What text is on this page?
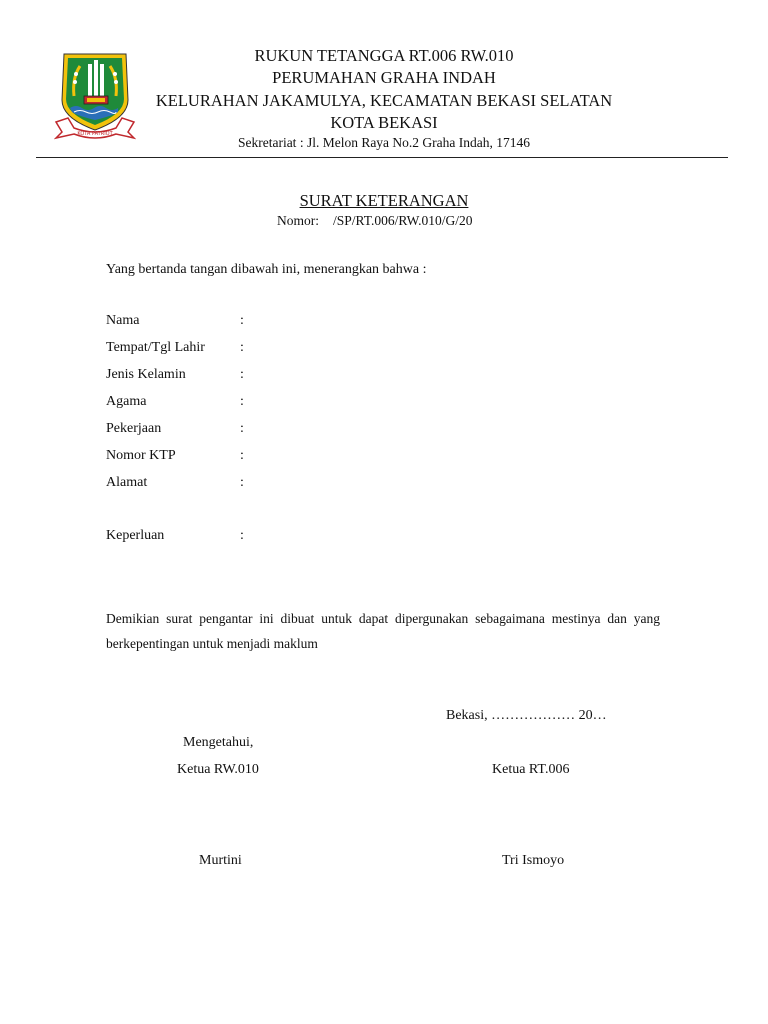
KOTA PATRIOT
RUKUN TETANGGA RT.006 RW.010
PERUMAHAN GRAHA INDAH
KELURAHAN JAKAMULYA, KECAMATAN BEKASI SELATAN
KOTA BEKASI
Sekretariat : Jl. Melon Raya No.2 Graha Indah, 17146
SURAT KETERANGAN
Nomor: /SP/RT.006/RW.010/G/20
Yang bertanda tangan dibawah ini, menerangkan bahwa :
Nama	:
Tempat/Tgl Lahir	:
Jenis Kelamin	:
Agama	:
Pekerjaan	:
Nomor KTP	:
Alamat	:
Keperluan	:
Demikian surat pengantar ini dibuat untuk dapat dipergunakan sebagaimana mestinya dan yang
berkepentingan untuk menjadi maklum
Bekasi, ……………… 20…
Mengetahui,
Ketua RW.010	Ketua RT.006
Murtini	Tri Ismoyo
